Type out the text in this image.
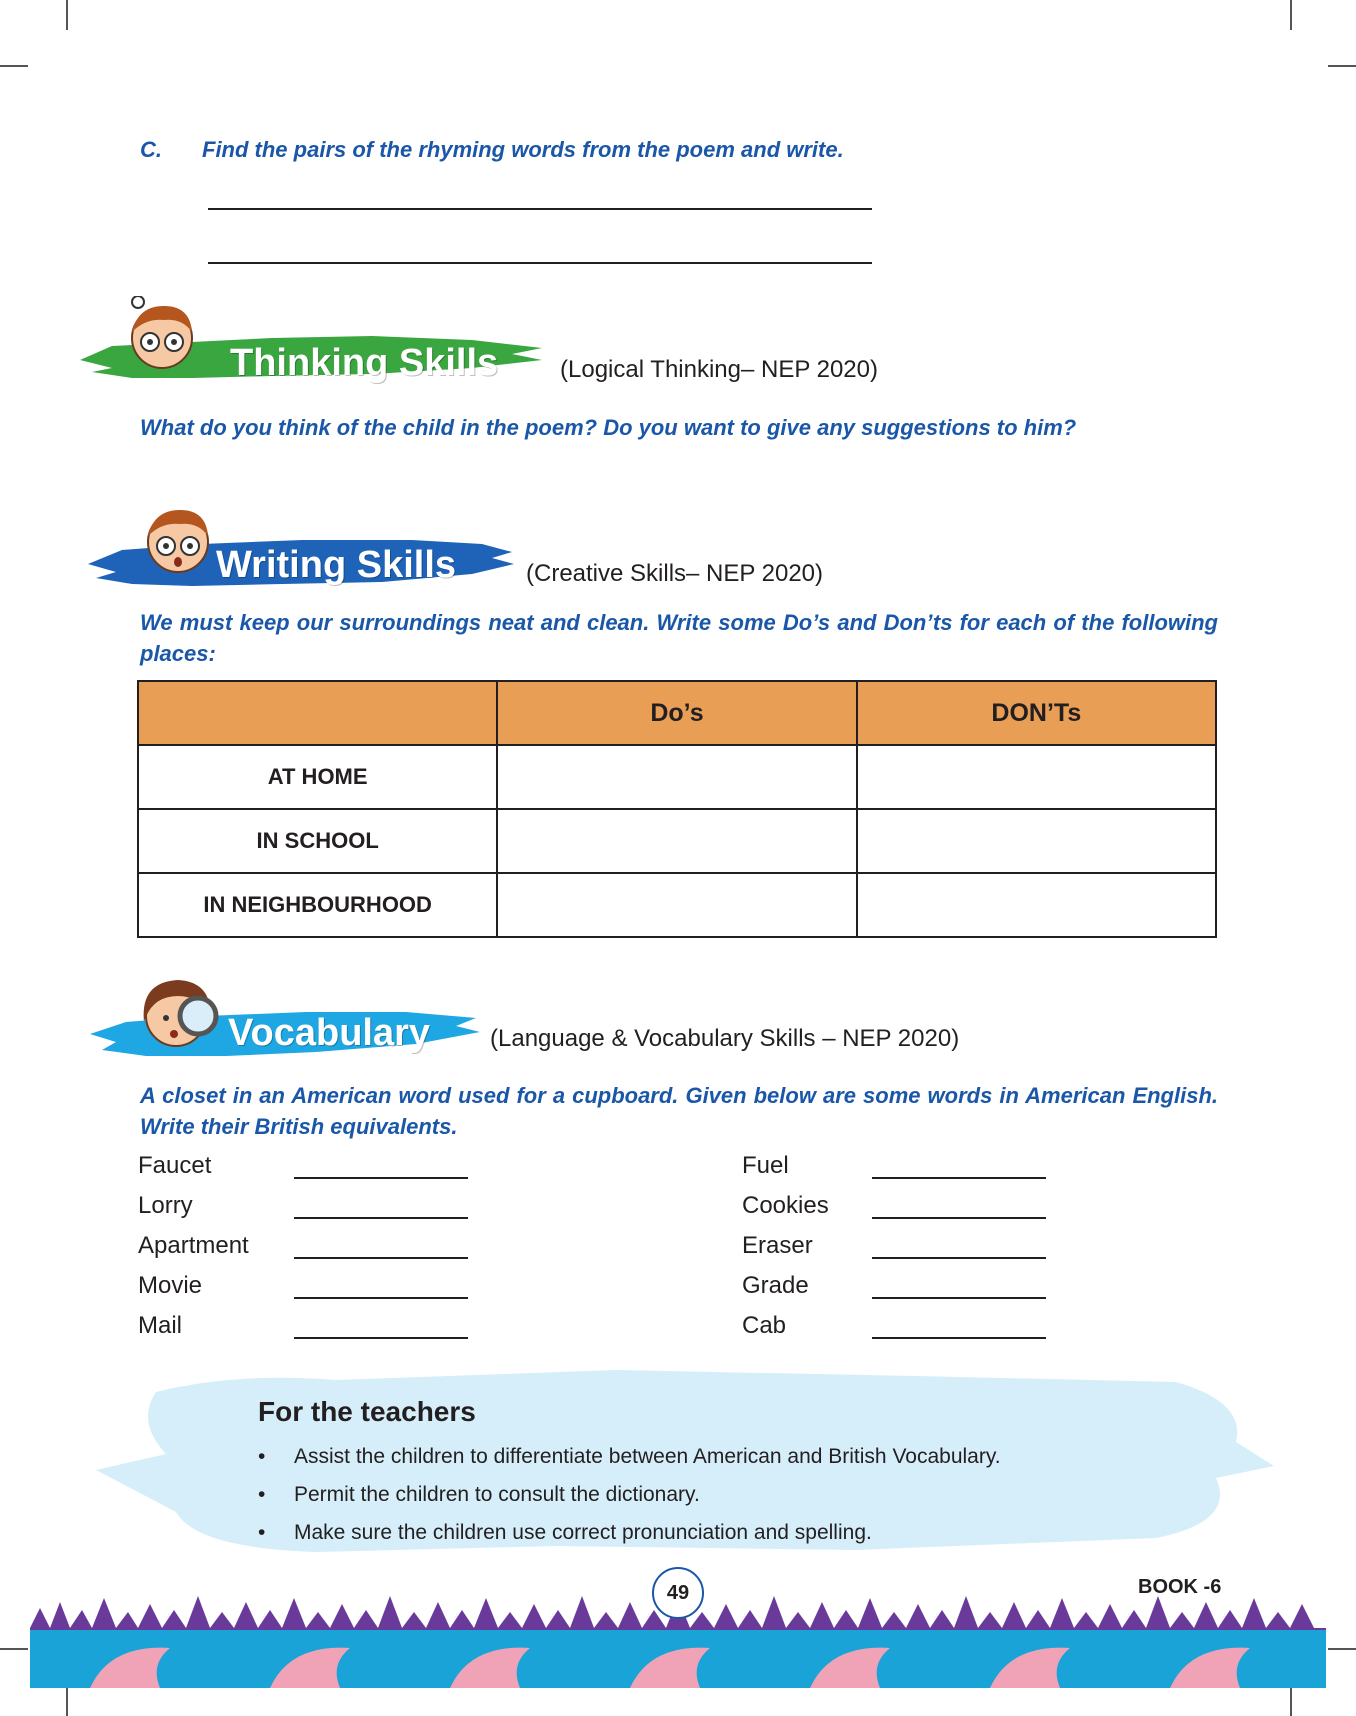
C. Find the pairs of the rhyming words from the poem and write.
Thinking Skills	(Logical Thinking– NEP 2020)
What do you think of the child in the poem? Do you want to give any suggestions to him?
Writing Skills	(Creative Skills– NEP 2020)
We must keep our surroundings neat and clean. Write some Do’s and Don’ts for each of the following places:
	Do’s	DON’Ts
AT HOME		
IN SCHOOL		
IN NEIGHBOURHOOD		
Vocabulary (Language & Vocabulary Skills – NEP 2020)
A closet in an American word used for a cupboard. Given below are some words in American English. Write their British equivalents.
Faucet
Lorry
Apartment
Movie
Mail
Fuel
Cookies
Eraser
Grade
Cab
For the teachers
• Assist the children to differentiate between American and British Vocabulary.
• Permit the children to consult the dictionary.
• Make sure the children use correct pronunciation and spelling.
49	BOOK -6
